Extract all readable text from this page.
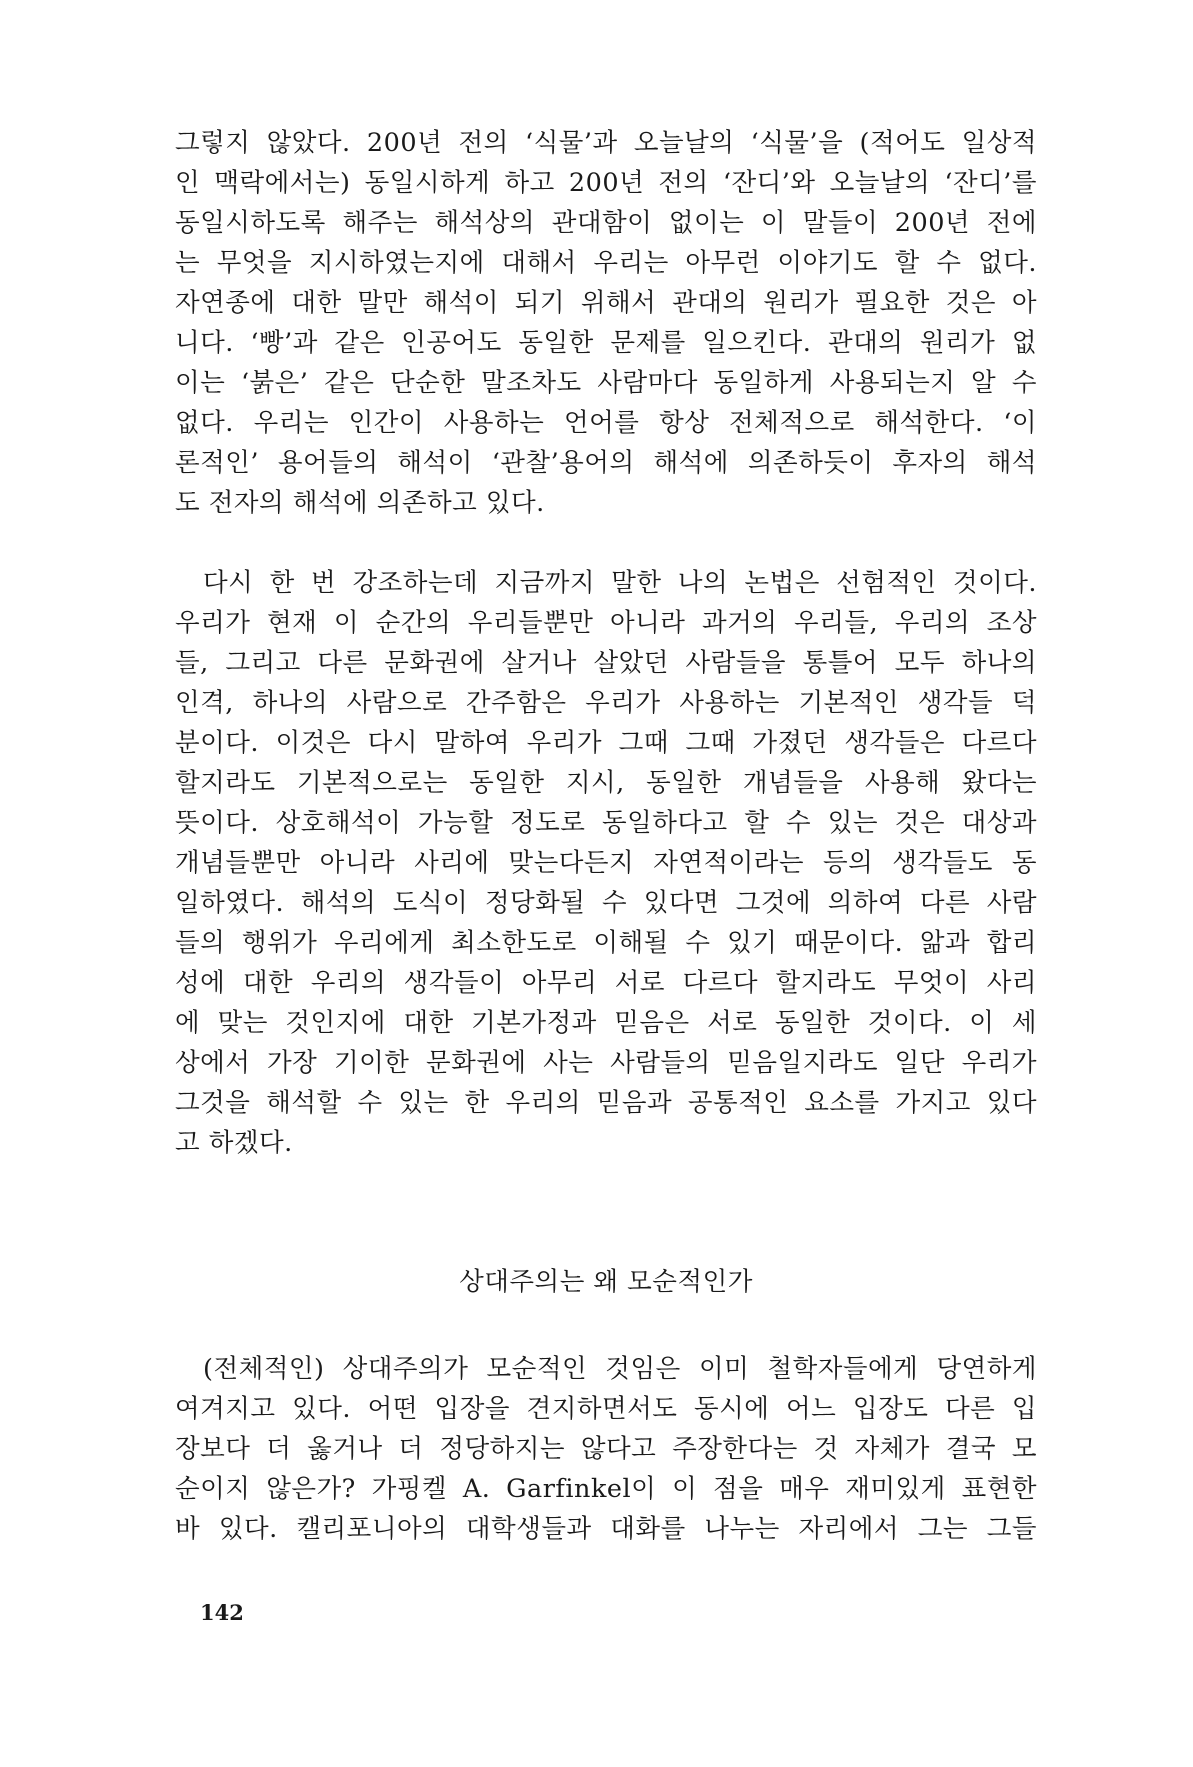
그렇지 않았다. 200년 전의 ‘식물’과 오늘날의 ‘식물’을 (적어도 일상적
인 맥락에서는) 동일시하게 하고 200년 전의 ‘잔디’와 오늘날의 ‘잔디’를
동일시하도록 해주는 해석상의 관대함이 없이는 이 말들이 200년 전에
는 무엇을 지시하였는지에 대해서 우리는 아무런 이야기도 할 수 없다.
자연종에 대한 말만 해석이 되기 위해서 관대의 원리가 필요한 것은 아
니다. ‘빵’과 같은 인공어도 동일한 문제를 일으킨다. 관대의 원리가 없
이는 ‘붉은’ 같은 단순한 말조차도 사람마다 동일하게 사용되는지 알 수
없다. 우리는 인간이 사용하는 언어를 항상 전체적으로 해석한다. ‘이
론적인’ 용어들의 해석이 ‘관찰’용어의 해석에 의존하듯이 후자의 해석
도 전자의 해석에 의존하고 있다.
다시 한 번 강조하는데 지금까지 말한 나의 논법은 선험적인 것이다.
우리가 현재 이 순간의 우리들뿐만 아니라 과거의 우리들, 우리의 조상
들, 그리고 다른 문화권에 살거나 살았던 사람들을 통틀어 모두 하나의
인격, 하나의 사람으로 간주함은 우리가 사용하는 기본적인 생각들 덕
분이다. 이것은 다시 말하여 우리가 그때 그때 가졌던 생각들은 다르다
할지라도 기본적으로는 동일한 지시, 동일한 개념들을 사용해 왔다는
뜻이다. 상호해석이 가능할 정도로 동일하다고 할 수 있는 것은 대상과
개념들뿐만 아니라 사리에 맞는다든지 자연적이라는 등의 생각들도 동
일하였다. 해석의 도식이 정당화될 수 있다면 그것에 의하여 다른 사람
들의 행위가 우리에게 최소한도로 이해될 수 있기 때문이다. 앎과 합리
성에 대한 우리의 생각들이 아무리 서로 다르다 할지라도 무엇이 사리
에 맞는 것인지에 대한 기본가정과 믿음은 서로 동일한 것이다. 이 세
상에서 가장 기이한 문화권에 사는 사람들의 믿음일지라도 일단 우리가
그것을 해석할 수 있는 한 우리의 믿음과 공통적인 요소를 가지고 있다
고 하겠다.
상대주의는 왜 모순적인가
(전체적인) 상대주의가 모순적인 것임은 이미 철학자들에게 당연하게
여겨지고 있다. 어떤 입장을 견지하면서도 동시에 어느 입장도 다른 입
장보다 더 옳거나 더 정당하지는 않다고 주장한다는 것 자체가 결국 모
순이지 않은가? 가핑켈 A. Garfinkel이 이 점을 매우 재미있게 표현한
바 있다. 캘리포니아의 대학생들과 대화를 나누는 자리에서 그는 그들
142
